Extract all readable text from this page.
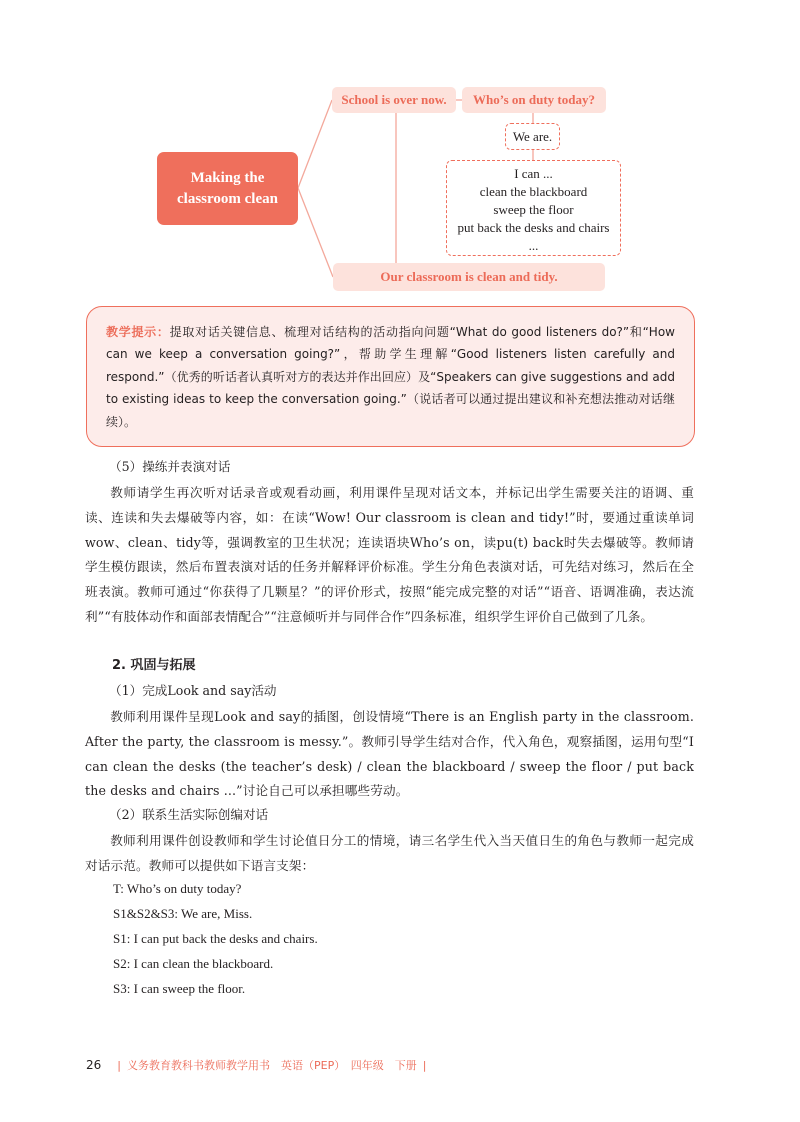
Making the
classroom clean
School is over now.	Who’s on duty today?
We are.
I can ...
clean the blackboard
sweep the floor
put back the desks and chairs
...
Our classroom is clean and tidy.
教学提示：提取对话关键信息、梳理对话结构的活动指向问题“What do good listeners do?”和“How can we keep a conversation going?”，帮助学生理解“Good listeners listen carefully and respond.”（优秀的听话者认真听对方的表达并作出回应）及“Speakers can give suggestions and add to existing ideas to keep the conversation going.”（说话者可以通过提出建议和补充想法推动对话继续）。
（5）操练并表演对话
教师请学生再次听对话录音或观看动画，利用课件呈现对话文本，并标记出学生需要关注的语调、重读、连读和失去爆破等内容，如：在读“Wow! Our classroom is clean and tidy!”时，要通过重读单词wow、clean、tidy等，强调教室的卫生状况；连读语块Who’s on，读pu(t) back时失去爆破等。教师请学生模仿跟读，然后布置表演对话的任务并解释评价标准。学生分角色表演对话，可先结对练习，然后在全班表演。教师可通过“你获得了几颗星？”的评价形式，按照“能完成完整的对话”“语音、语调准确，表达流利”“有肢体动作和面部表情配合”“注意倾听并与同伴合作”四条标准，组织学生评价自己做到了几条。
2. 巩固与拓展
（1）完成Look and say活动
教师利用课件呈现Look and say的插图，创设情境“There is an English party in the classroom. After the party, the classroom is messy.”。教师引导学生结对合作，代入角色，观察插图，运用句型“I can clean the desks (the teacher’s desk) / clean the blackboard / sweep the floor / put back the desks and chairs ...”讨论自己可以承担哪些劳动。
（2）联系生活实际创编对话
教师利用课件创设教师和学生讨论值日分工的情境，请三名学生代入当天值日生的角色与教师一起完成对话示范。教师可以提供如下语言支架：
T: Who’s on duty today?
S1&S2&S3: We are, Miss.
S1: I can put back the desks and chairs.
S2: I can clean the blackboard.
S3: I can sweep the floor.
26 | 义务教育教科书教师教学用书　英语（PEP）　四年级　下册 |
